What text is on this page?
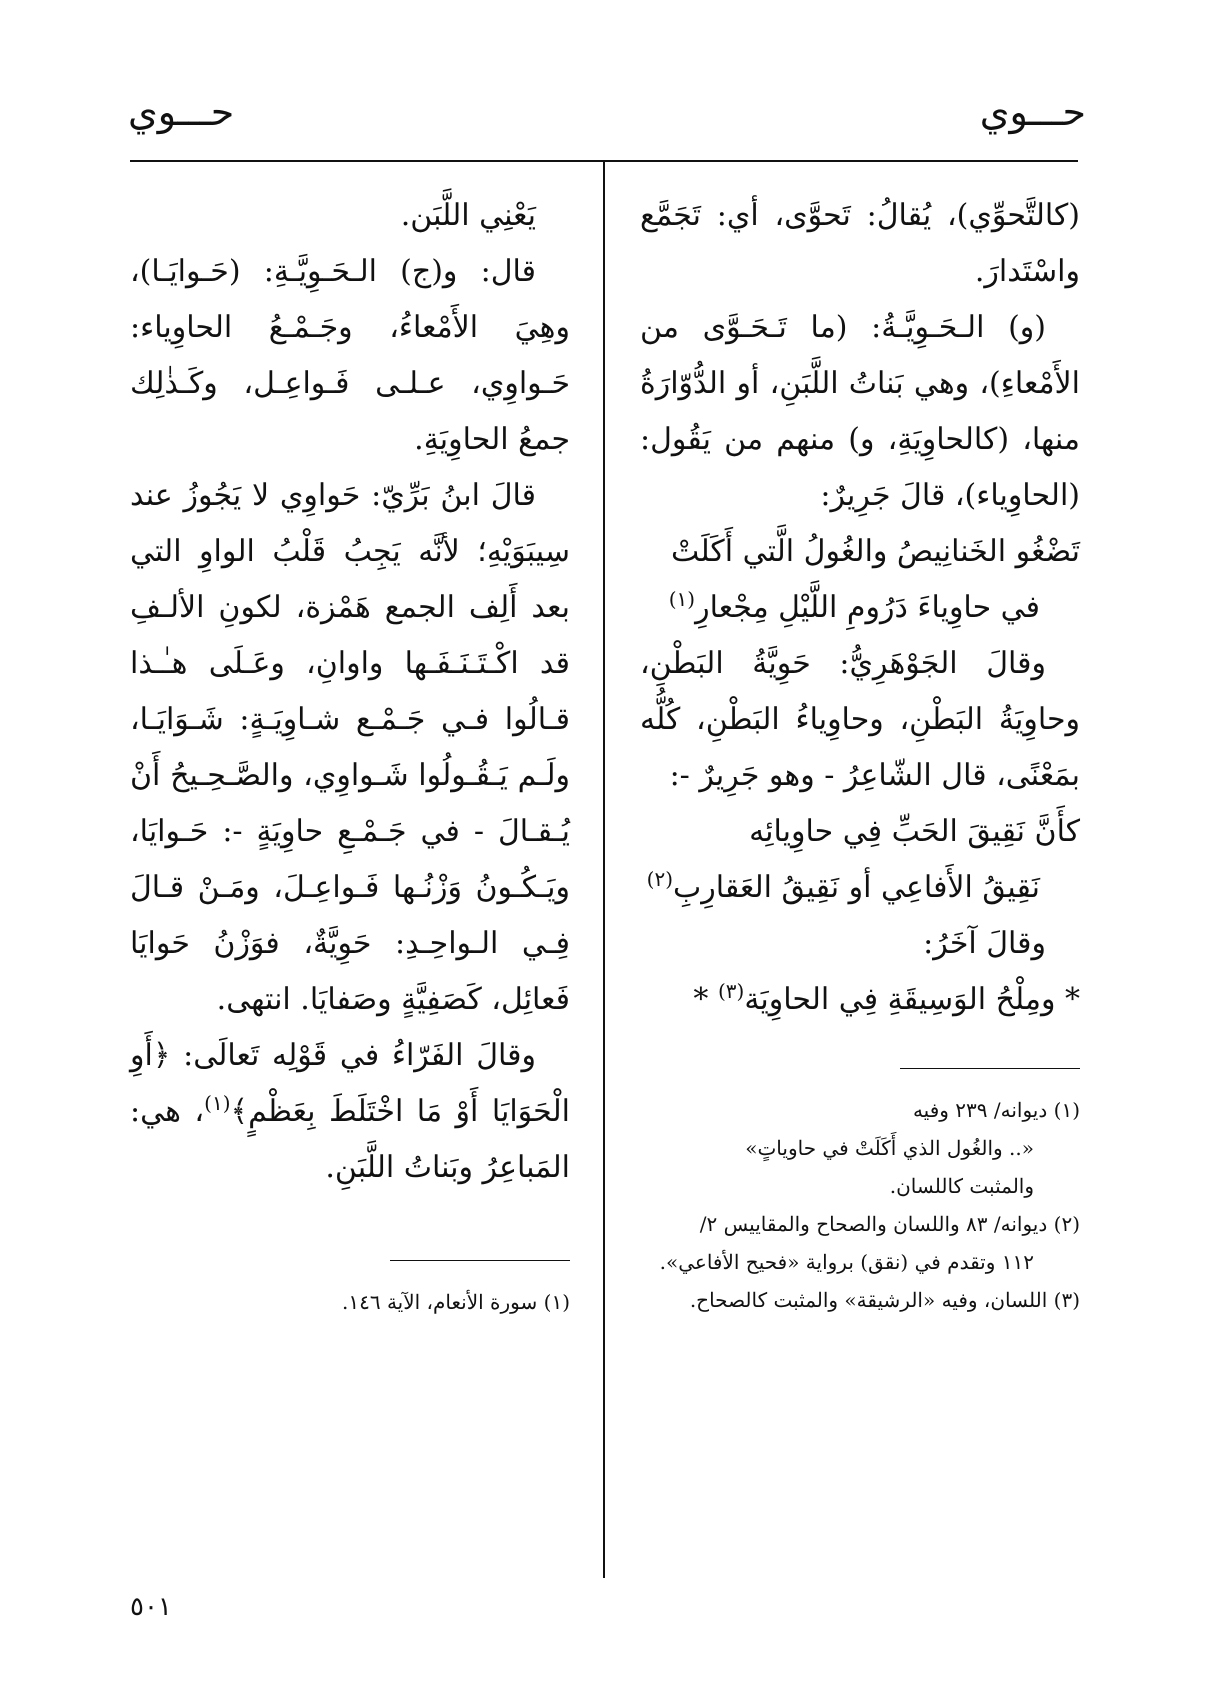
حـــوي
حـــوي

(كالتَّحوِّي)، يُقالُ: تَحوَّى، أي: تَجَمَّع واسْتَدارَ.

(و) الـحَـوِيَّـةُ: (ما تَـحَـوَّى من الأَمْعاءِ)، وهي بَناتُ اللَّبَنِ، أو الدُّوّارَةُ منها، (كالحاوِيَةِ، و) منهم من يَقُول: (الحاوِياء)، قالَ جَرِيرٌ:

تَضْغُو الخَنانِيصُ والغُولُ الَّتي أَكَلَتْ

في حاوِياءَ دَرُومِ اللَّيْلِ مِجْعارِ$^{(١)}$

وقالَ الجَوْهَرِيُّ: حَوِيَّةُ البَطْنِ، وحاوِيَةُ البَطْنِ، وحاوِياءُ البَطْنِ، كُلُّه بمَعْنًى، قال الشّاعِرُ - وهو جَرِيرٌ -:

كأَنَّ نَقِيقَ الحَبِّ فِي حاوِيائِه

نَقِيقُ الأَفاعِي أو نَقِيقُ العَقارِبِ$^{(٢)}$

وقالَ آخَرُ:

* ومِلْحُ الوَسِيقَةِ فِي الحاوِيَة$^{(٣)}$ *

(١) ديوانه/ ٢٣٩ وفيه
«.. والغُول الذي أَكَلَتْ في حاوياتٍ»
والمثبت كاللسان.

(٢) ديوانه/ ٨٣ واللسان والصحاح والمقاييس ٢/
١١٢ وتقدم في (نقق) برواية «فحيح الأفاعي».

(٣) اللسان، وفيه «الرشيقة» والمثبت كالصحاح.

يَعْنِي اللَّبَن.

قال: و(ج) الـحَـوِيَّـةِ: (حَـوايَـا)، وهِيَ الأَمْعاءُ، وجَـمْـعُ الحاوِياء: حَـواوِي، عـلـى فَـواعِـل، وكَـذٰلِك جمعُ الحاوِيَةِ.

قالَ ابنُ بَرِّيّ: حَواوِي لا يَجُوزُ عند سِيبَوَيْهِ؛ لأنَّه يَجِبُ قَلْبُ الواوِ التي بعد أَلِف الجمع هَمْزة، لكونِ الألـفِ قد اكْـتَـنَـفَـها واوانِ، وعَـلَى هـٰـذا قـالُوا فـي جَـمْـع شـاوِيَـةٍ: شَـوَايَـا، ولَـم يَـقُـولُوا شَـواوِي، والصَّـحِـيحُ أَنْ يُـقـالَ - في جَـمْـعِ حاوِيَةٍ -: حَـوايَا، ويَـكُـونُ وَزْنُـها فَـواعِـلَ، ومَـنْ قـالَ فِـي الـواحِـدِ: حَوِيَّةٌ، فوَزْنُ حَوايَا فَعائِل، كَصَفِيَّةٍ وصَفايَا. انتهى.

وقالَ الفَرّاءُ في قَوْلِه تَعالَى: ﴿أَوِ الْحَوَايَا أَوْ مَا اخْتَلَطَ بِعَظْمٍ﴾$^{(١)}$، هي: المَباعِرُ وبَناتُ اللَّبَنِ.

(١) سورة الأنعام، الآية ١٤٦.

٥٠١
